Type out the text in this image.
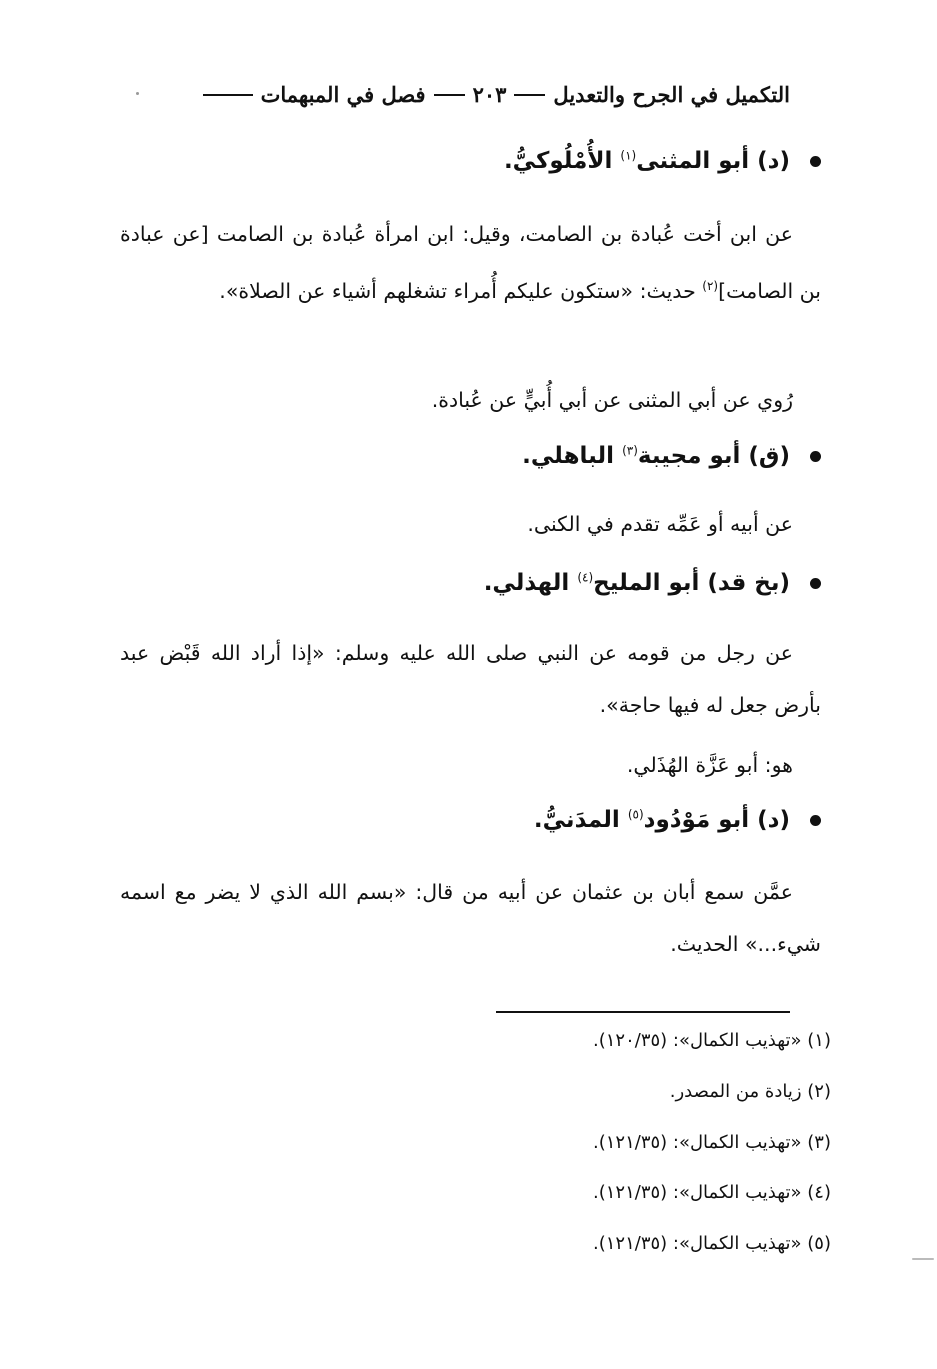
التكميل في الجرح والتعديل
٢٠٣
فصل في المبهمات
(د) أبو المثنى$^{(١)}$ الأُمْلُوكيُّ.
عن ابن أخت عُبادة بن الصامت، وقيل: ابن امرأة عُبادة بن الصامت [عن عبادة بن الصامت]$^{(٢)}$ حديث: «ستكون عليكم أُمراء تشغلهم أشياء عن الصلاة».
رُوي عن أبي المثنى عن أبي أُبيٍّ عن عُبادة.
(ق) أبو مجيبة$^{(٣)}$ الباهلي.
عن أبيه أو عَمِّه تقدم في الكنى.
(بخ قد) أبو المليح$^{(٤)}$ الهذلي.
عن رجل من قومه عن النبي صلى الله عليه وسلم: «إذا أراد الله قَبْض عبد بأرض جعل له فيها حاجة».
هو: أبو عَزَّة الهُذَلي.
(د) أبو مَوْدُود$^{(٥)}$ المدَنيُّ.
عمَّن سمع أبان بن عثمان عن أبيه من قال: «بسم الله الذي لا يضر مع اسمه شيء...» الحديث.
(١) «تهذيب الكمال»: (١٢٠/٣٥).
(٢) زيادة من المصدر.
(٣) «تهذيب الكمال»: (١٢١/٣٥).
(٤) «تهذيب الكمال»: (١٢١/٣٥).
(٥) «تهذيب الكمال»: (١٢١/٣٥).
